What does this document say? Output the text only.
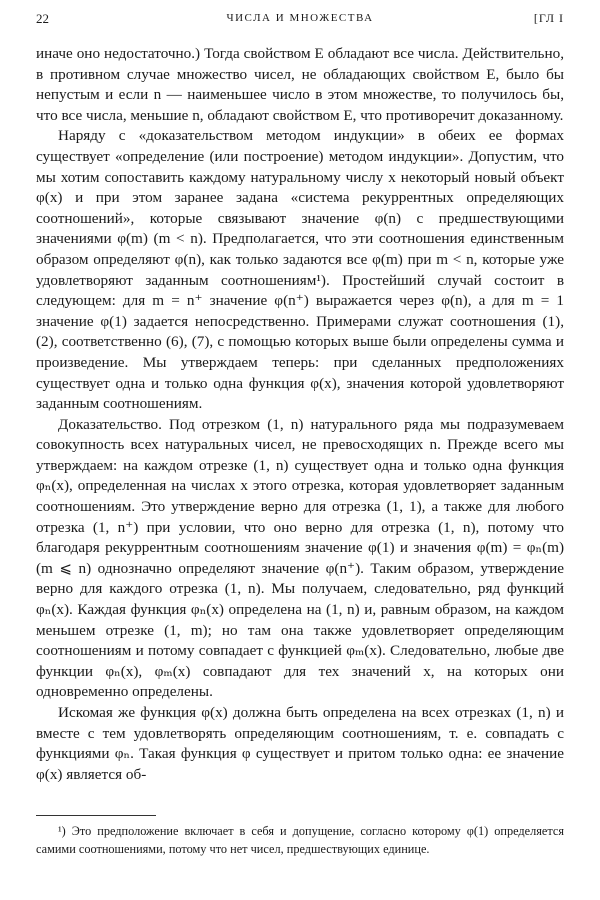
22	ЧИСЛА И МНОЖЕСТВА	[ГЛ I

иначе оно недостаточно.) Тогда свойством E обладают все числа. Действительно, в противном случае множество чисел, не обладающих свойством E, было бы непустым и если n — наименьшее число в этом множестве, то получилось бы, что все числа, меньшие n, обладают свойством E, что противоречит доказанному.

Наряду с «доказательством методом индукции» в обеих ее формах существует «определение (или построение) методом индукции». Допустим, что мы хотим сопоставить каждому натуральному числу x некоторый новый объект φ(x) и при этом заранее задана «система рекуррентных определяющих соотношений», которые связывают значение φ(n) с предшествующими значениями φ(m) (m < n). Предполагается, что эти соотношения единственным образом определяют φ(n), как только задаются все φ(m) при m < n, которые уже удовлетворяют заданным соотношениям¹). Простейший случай состоит в следующем: для m = n⁺ значение φ(n⁺) выражается через φ(n), а для m = 1 значение φ(1) задается непосредственно. Примерами служат соотношения (1), (2), соответственно (6), (7), с помощью которых выше были определены сумма и произведение. Мы утверждаем теперь: при сделанных предположениях существует одна и только одна функция φ(x), значения которой удовлетворяют заданным соотношениям.

Доказательство. Под отрезком (1, n) натурального ряда мы подразумеваем совокупность всех натуральных чисел, не превосходящих n. Прежде всего мы утверждаем: на каждом отрезке (1, n) существует одна и только одна функция φₙ(x), определенная на числах x этого отрезка, которая удовлетворяет заданным соотношениям. Это утверждение верно для отрезка (1, 1), а также для любого отрезка (1, n⁺) при условии, что оно верно для отрезка (1, n), потому что благодаря рекуррентным соотношениям значение φ(1) и значения φ(m) = φₙ(m) (m ⩽ n) однозначно определяют значение φ(n⁺). Таким образом, утверждение верно для каждого отрезка (1, n). Мы получаем, следовательно, ряд функций φₙ(x). Каждая функция φₙ(x) определена на (1, n) и, равным образом, на каждом меньшем отрезке (1, m); но там она также удовлетворяет определяющим соотношениям и потому совпадает с функцией φₘ(x). Следовательно, любые две функции φₙ(x), φₘ(x) совпадают для тех значений x, на которых они одновременно определены.

Искомая же функция φ(x) должна быть определена на всех отрезках (1, n) и вместе с тем удовлетворять определяющим соотношениям, т. е. совпадать с функциями φₙ. Такая функция φ существует и притом только одна: ее значение φ(x) является об-

¹) Это предположение включает в себя и допущение, согласно которому φ(1) определяется самими соотношениями, потому что нет чисел, предшествующих единице.
